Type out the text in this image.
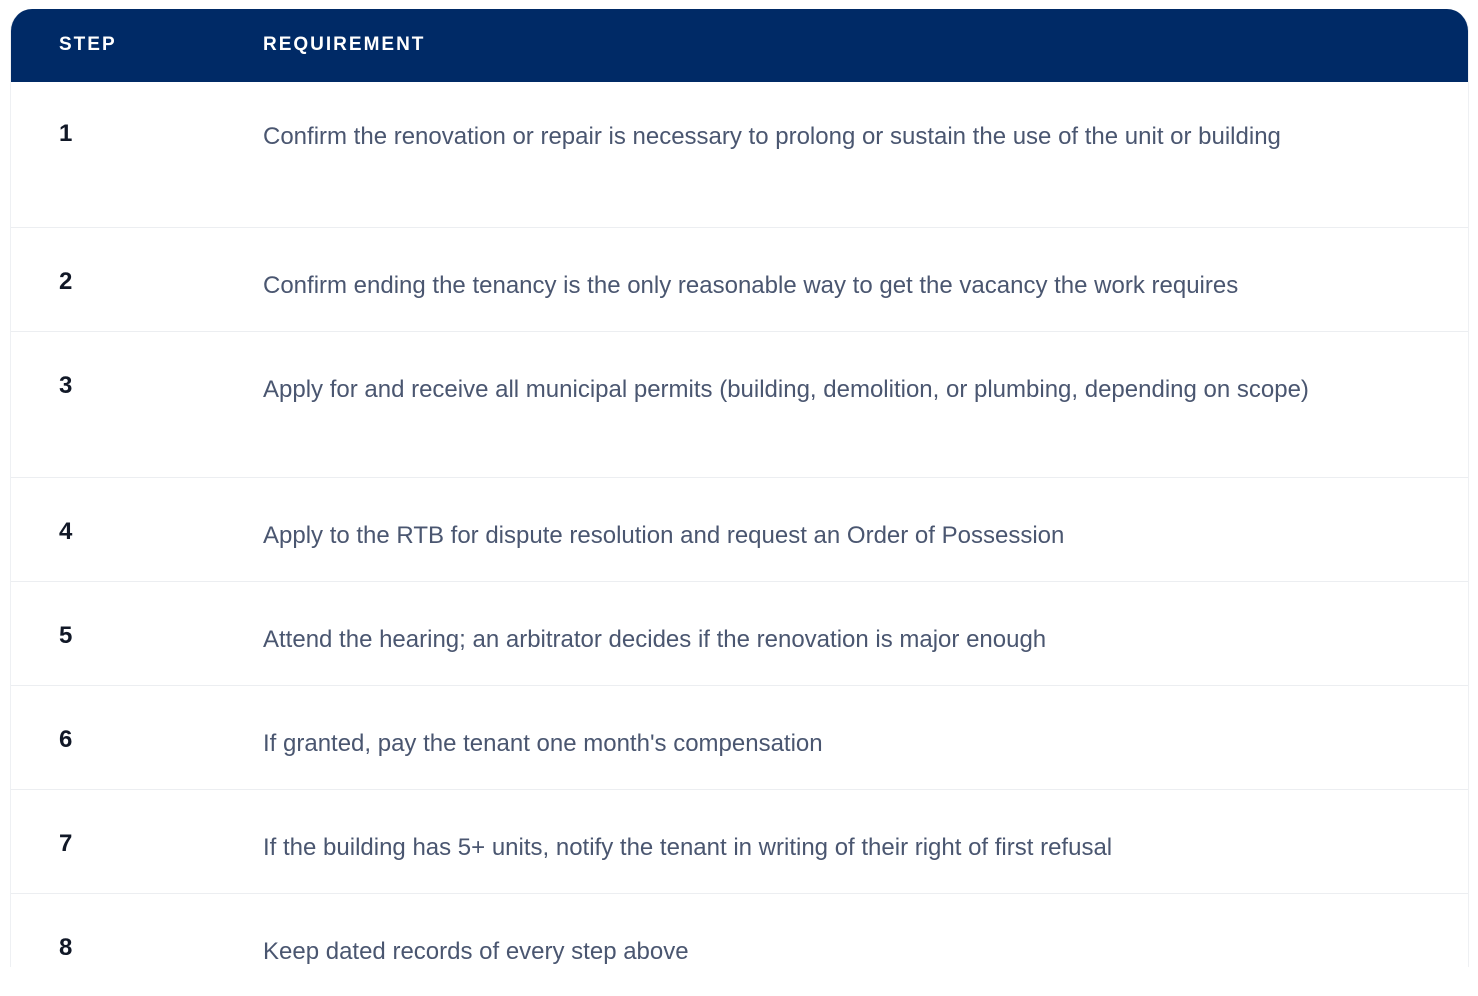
STEP	REQUIREMENT
1	Confirm the renovation or repair is necessary to prolong or sustain the use of the unit or building
2	Confirm ending the tenancy is the only reasonable way to get the vacancy the work requires
3	Apply for and receive all municipal permits (building, demolition, or plumbing, depending on scope)
4	Apply to the RTB for dispute resolution and request an Order of Possession
5	Attend the hearing; an arbitrator decides if the renovation is major enough
6	If granted, pay the tenant one month's compensation
7	If the building has 5+ units, notify the tenant in writing of their right of first refusal
8	Keep dated records of every step above
